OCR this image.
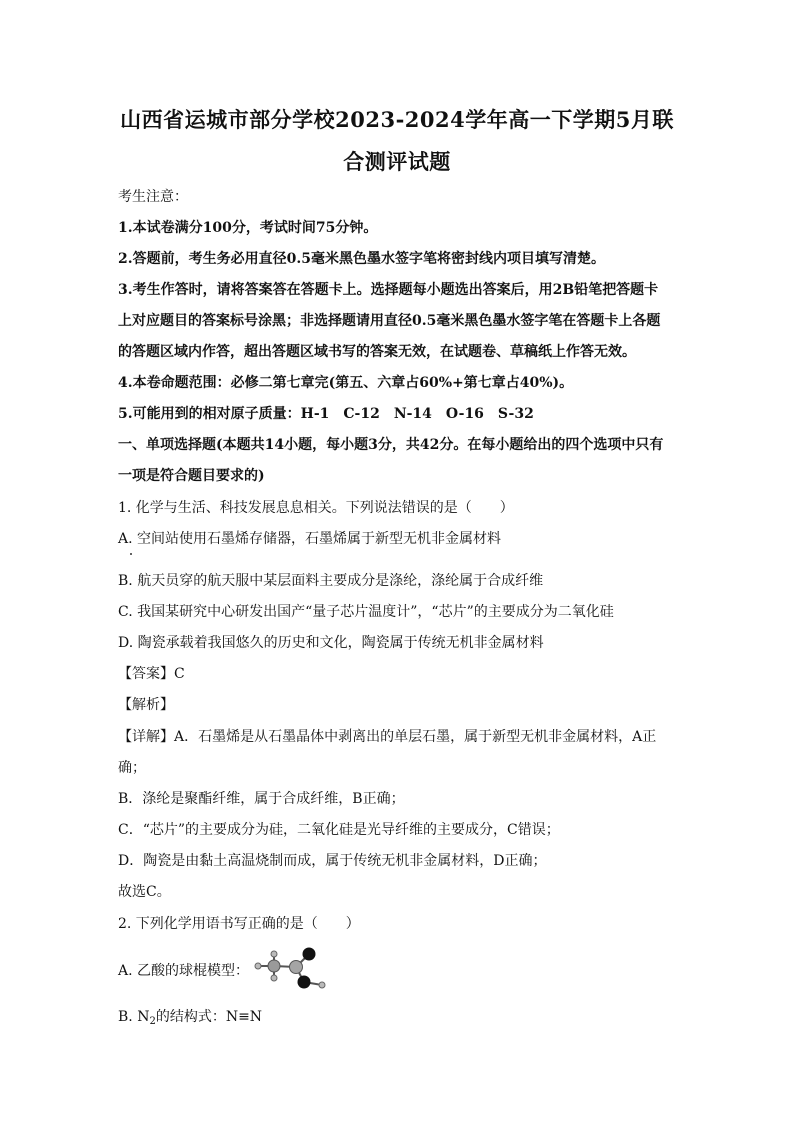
山西省运城市部分学校2023-2024学年高一下学期5月联
合测评试题
考生注意：
1.本试卷满分100分，考试时间75分钟。
2.答题前，考生务必用直径0.5毫米黑色墨水签字笔将密封线内项目填写清楚。
3.考生作答时，请将答案答在答题卡上。选择题每小题选出答案后，用2B铅笔把答题卡
上对应题目的答案标号涂黑；非选择题请用直径0.5毫米黑色墨水签字笔在答题卡上各题
的答题区域内作答，超出答题区域书写的答案无效，在试题卷、草稿纸上作答无效。
4.本卷命题范围：必修二第七章完(第五、六章占60%+第七章占40%)。
5.可能用到的相对原子质量：H-1　C-12　N-14　O-16　S-32
一、单项选择题(本题共14小题，每小题3分，共42分。在每小题给出的四个选项中只有
一项是符合题目要求的)
1. 化学与生活、科技发展息息相关。下列说法错误的是（　　）
A. 空间站使用石墨烯存储器，石墨烯属于新型无机非金属材料
B. 航天员穿的航天服中某层面料主要成分是涤纶，涤纶属于合成纤维
C. 我国某研究中心研发出国产“量子芯片温度计”，“芯片”的主要成分为二氧化硅
D. 陶瓷承载着我国悠久的历史和文化，陶瓷属于传统无机非金属材料
【答案】C
【解析】
【详解】A．石墨烯是从石墨晶体中剥离出的单层石墨，属于新型无机非金属材料，A正
确；
B．涤纶是聚酯纤维，属于合成纤维，B正确；
C．“芯片”的主要成分为硅，二氧化硅是光导纤维的主要成分，C错误；
D．陶瓷是由黏土高温烧制而成，属于传统无机非金属材料，D正确；
故选C。
2. 下列化学用语书写正确的是（　　）
A. 乙酸的球棍模型：
B. $N_2$的结构式：N≡N
